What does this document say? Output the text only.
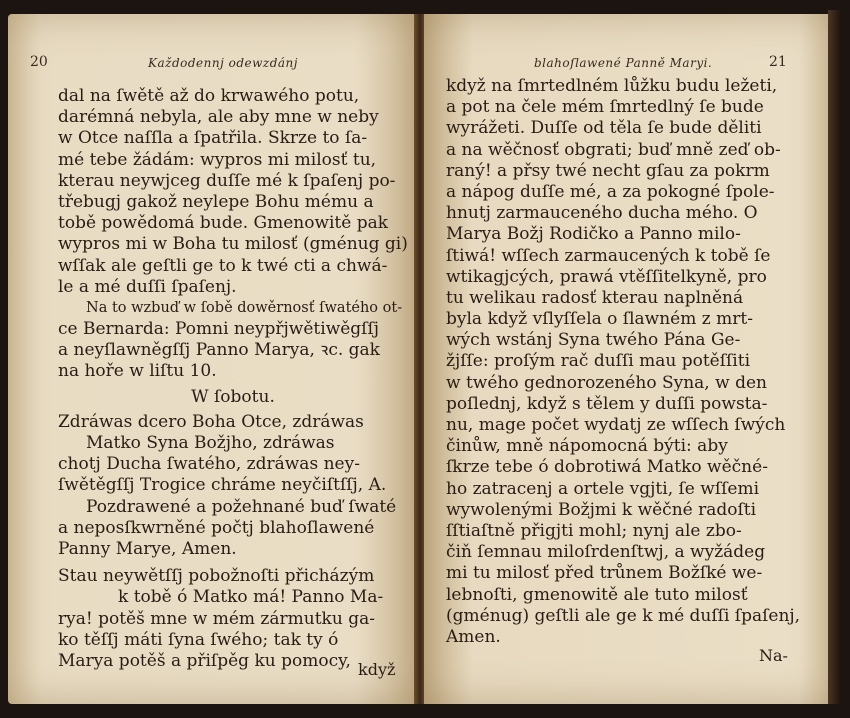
20	Každodennj odewzdánj
dal na ſwětě až do krwawého potu,
darémná nebyla, ale aby mne w neby
w Otce naſſla a ſpatřila. Skrze to ſa-
mé tebe žádám: wypros mi milosť tu,
kterau neywjceg duſſe mé k ſpaſenj po-
třebugj gakož neylepe Bohu mému a
tobě powědomá bude. Gmenowitě pak
wypros mi w Boha tu milosť (gménug gi)
wſſak ale geſtli ge to k twé cti a chwá-
le a mé duſſi ſpaſenj.
Na to wzbuď w ſobě dowěrnosť ſwatého ot-
ce Bernarda: Pomni neypřjwětiwěgſſj
a neyſlawněgſſj Panno Marya, ꝛc. gak
na hoře w liſtu 10.
W ſobotu.
Zdráwas dcero Boha Otce, zdráwas
Matko Syna Božjho, zdráwas
chotj Ducha ſwatého, zdráwas ney-
ſwětěgſſj Trogice chráme neyčiſtſſj, A.
Pozdrawené a požehnané buď ſwaté
a neposſkwrněné počtj blahoſlawené
Panny Marye, Amen.
Stau neywětſſj pobožnoſti přicházým
k tobě ó Matko má! Panno Ma-
rya! potěš mne w mém zármutku ga-
ko těſſj máti ſyna ſwého; tak ty ó
Marya potěš a přiſpěg ku pomocy, když
blahoſlawené Panně Maryi.	21
když na ſmrtedlném lůžku budu ležeti,
a pot na čele mém ſmrtedlný ſe bude
wyrážeti. Duſſe od těla ſe bude děliti
a na wěčnosť obgrati; buď mně zeď ob-
raný! a přsy twé necht gſau za pokrm
a nápog duſſe mé, a za pokogné ſpole-
hnutj zarmauceného ducha mého. O
Marya Božj Rodičko a Panno milo-
ſtiwá! wſſech zarmaucených k tobě ſe
wtikagjcých, prawá vtěſſitelkyně, pro
tu welikau radosť kterau naplněná
byla když vſlyſſela o ſlawném z mrt-
wých wstánj Syna twého Pána Ge-
žjſſe: proſým rač duſſi mau potěſſiti
w twého gednorozeného Syna, w den
poſlednj, když s tělem y duſſi powsta-
nu, mage počet wydatj ze wſſech ſwých
činůw, mně nápomocná býti: aby
ſkrze tebe ó dobrotiwá Matko wěčné-
ho zatracenj a ortele vgjti, ſe wſſemi
wywolenými Božjmi k wěčné radoſti
ſſtiaſtně přigjti mohl; nynj ale zbo-
čiň ſemnau miloſrdenſtwj, a wyžádeg
mi tu milosť před trůnem Božſké we-
lebnoſti, gmenowitě ale tuto milosť
(gménug) geſtli ale ge k mé duſſi ſpaſenj,
Amen.
Na-
